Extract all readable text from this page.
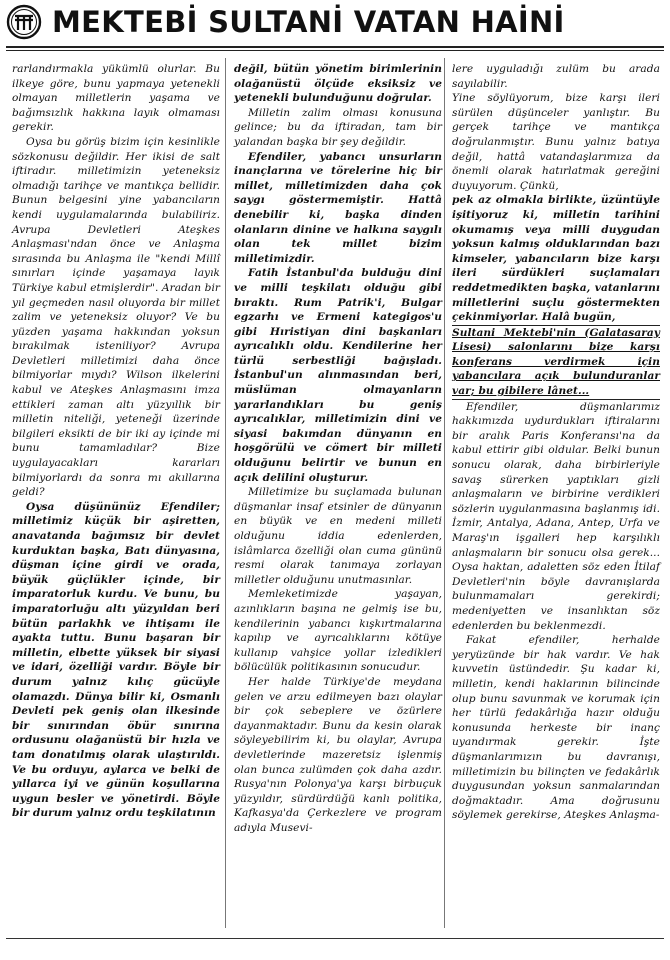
MEKTEBİ SULTANİ VATAN HAİNİ

rarlandırmakla yükümlü olurlar. Bu ilkeye göre, bunu yapmaya yetenekli olmayan milletlerin yaşama ve bağımsızlık hakkına layık olmaması gerekir.

Oysa bu görüş bizim için kesinlikle sözkonusu değildir. Her ikisi de salt iftiradır. milletimizin yeteneksiz olmadığı tarihçe ve mantıkça bellidir. Bunun belgesini yine yabancıların kendi uygulamalarında bulabiliriz. Avrupa Devletleri Ateşkes Anlaşması'ndan önce ve Anlaşma sırasında bu Anlaşma ile "kendi Millî sınırları içinde yaşamaya layık Türkiye kabul etmişlerdir". Aradan bir yıl geçmeden nasıl oluyorda bir millet zalim ve yeteneksiz oluyor? Ve bu yüzden yaşama hakkından yoksun bırakılmak isteniliyor? Avrupa Devletleri milletimizi daha önce bilmiyorlar mıydı? Wilson ilkelerini kabul ve Ateşkes Anlaşmasını imza ettikleri zaman altı yüzyıllık bir milletin niteliği, yeteneği üzerinde bilgileri eksikti de bir iki ay içinde mi bunu tamamladılar? Bize uygulayacakları kararları bilmiyorlardı da sonra mı akıllarına geldi?

Oysa düşününüz Efendiler; milletimiz küçük bir aşiretten, anavatanda bağımsız bir devlet kurduktan başka, Batı dünyasına, düşman içine girdi ve orada, büyük güçlükler içinde, bir imparatorluk kurdu. Ve bunu, bu imparatorluğu altı yüzyıldan beri bütün parlakhk ve ihtişamı ile ayakta tuttu. Bunu başaran bir milletin, elbette yüksek bir siyasi ve idari, özelliği vardır. Böyle bir durum yalnız kılıç gücüyle olamazdı. Dünya bilir ki, Osmanlı Devleti pek geniş olan ilkesinde bir sınırından öbür sınırına ordusunu olağanüstü bir hızla ve tam donatılmış olarak ulaştırıldı. Ve bu orduyu, aylarca ve belki de yıllarca iyi ve günün koşullarına uygun besler ve yönetirdi. Böyle bir durum yalnız ordu teşkilatının

değil, bütün yönetim birimlerinin olağanüstü ölçüde eksiksiz ve yetenekli bulunduğunu doğrular.

Milletin zalim olması konusuna gelince; bu da iftiradan, tam bir yalandan başka bir şey değildir.

Efendiler, yabancı unsurların inançlarına ve törelerine hiç bir millet, milletimizden daha çok saygı göstermemiştir. Hattâ denebilir ki, başka dinden olanların dinine ve halkına saygılı olan tek millet bizim milletimizdir.

Fatih İstanbul'da bulduğu dini ve milli teşkilatı olduğu gibi bıraktı. Rum Patrik'i, Bulgar egzarhı ve Ermeni kategigos'u gibi Hıristiyan dini başkanları ayrıcalıklı oldu. Kendilerine her türlü serbestliği bağışladı. İstanbul'un alınmasından beri, müslüman olmayanların yararlandıkları bu geniş ayrıcalıklar, milletimizin dini ve siyasi bakımdan dünyanın en hoşgörülü ve cömert bir milleti olduğunu belirtir ve bunun en açık delilini oluşturur.

Milletimize bu suçlamada bulunan düşmanlar insaf etsinler de dünyanın en büyük ve en medeni milleti olduğunu iddia edenlerden, islâmlarca özelliği olan cuma gününü resmi olarak tanımaya zorlayan milletler olduğunu unutmasınlar.

Memleketimizde yaşayan, azınlıkların başına ne gelmiş ise bu, kendilerinin yabancı kışkırtmalarına kapılıp ve ayrıcalıklarını kötüye kullanıp vahşice yollar izledikleri bölücülük politikasının sonucudur.

Her halde Türkiye'de meydana gelen ve arzu edilmeyen bazı olaylar bir çok sebeplere ve özürlere dayanmaktadır. Bunu da kesin olarak söyleyebilirim ki, bu olaylar, Avrupa devletlerinde mazeretsiz işlenmiş olan bunca zulümden çok daha azdır. Rusya'nın Polonya'ya karşı birbuçuk yüzyıldır, sürdürdüğü kanlı politika, Kafkasya'da Çerkezlere ve program adıyla Musevi-

lere uyguladığı zulüm bu arada sayılabilir.

Yine söylüyorum, bize karşı ileri sürülen düşünceler yanlıştır. Bu gerçek tarihçe ve mantıkça doğrulanmıştır. Bunu yalnız batıya değil, hattâ vatandaşlarımıza da önemli olarak hatırlatmak gereğini duyuyorum. Çünkü,

pek az olmakla birlikte, üzüntüyle işitiyoruz ki, milletin tarihini okumamış veya milli duygudan yoksun kalmış olduklarından bazı kimseler, yabancıların bize karşı ileri sürdükleri suçlamaları reddetmedikten başka, vatanlarını milletlerini suçlu göstermekten çekinmiyorlar. Halâ bugün,

Sultani Mektebi'nin (Galatasaray Lisesi) salonlarını bize karşı konferans verdirmek için yabancılara açık bulunduranlar var; bu gibilere lânet...

Efendiler, düşmanlarımız hakkımızda uydurdukları iftiralarını bir aralık Paris Konferansı'na da kabul ettirir gibi oldular. Belki bunun sonucu olarak, daha birbirleriyle savaş sürerken yaptıkları gizli anlaşmaların ve birbirine verdikleri sözlerin uygulanmasına başlanmış idi. İzmir, Antalya, Adana, Antep, Urfa ve Maraş'ın işgalleri hep karşılıklı anlaşmaların bir sonucu olsa gerek... Oysa haktan, adaletten söz eden İtilaf Devletleri'nin böyle davranışlarda bulunmamaları gerekirdi; medeniyetten ve insanlıktan söz edenlerden bu beklenmezdi.

Fakat efendiler, herhalde yeryüzünde bir hak vardır. Ve hak kuvvetin üstündedir. Şu kadar ki, milletin, kendi haklarının bilincinde olup bunu savunmak ve korumak için her türlü fedakârlığa hazır olduğu konusunda herkeste bir inanç uyandırmak gerekir. İşte düşmanlarımızın bu davranışı, milletimizin bu bilinçten ve fedakârlık duygusundan yoksun sanmalarından doğmaktadır. Ama doğrusunu söylemek gerekirse, Ateşkes Anlaşma-
